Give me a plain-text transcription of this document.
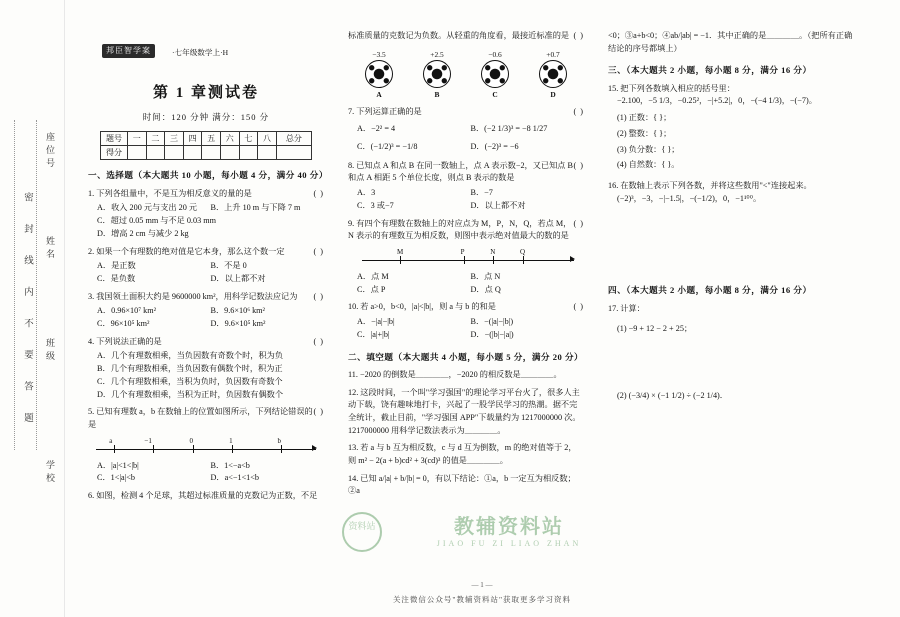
学校
班级
姓名
座位号
密 封 线 内 不 要 答 题
邦臣智学案	·七年级数学上·H
第 1 章测试卷
时间：120 分钟 满分：150 分
题号	一	二	三	四	五	六	七	八	总分
得分									
一、选择题（本大题共 10 小题，每小题 4 分，满分 40 分）
( )
1. 下列各组量中，不是互为相反意义的量的是
A．收入 200 元与支出 20 元	B．上升 10 m 与下降 7 m
C．超过 0.05 mm 与不足 0.03 mm
D．增高 2 cm 与减少 2 kg
( )
2. 如果一个有理数的绝对值是它本身，那么这个数一定
A．是正数	B．不是 0
C．是负数	D．以上都不对
( )
3. 我国领土面积大约是 9600000 km²，用科学记数法应记为
A．0.96×10⁷ km²	B．9.6×10⁶ km²
C．96×10⁵ km²	D．9.6×10⁵ km²
( )
4. 下列说法正确的是
A．几个有理数相乘，当负因数有奇数个时，积为负
B．几个有理数相乘，当负因数有偶数个时，积为正
C．几个有理数相乘，当积为负时，负因数有奇数个
D．几个有理数相乘，当积为正时，负因数有偶数个
( )
5. 已知有理数 a，b 在数轴上的位置如图所示，下列结论错误的是
a	−1	0	1	b
A．|a|<1<|b|	B．1<−a<b
C．1<|a|<b	D．a<−1<1<b
6. 如图，检测 4 个足球，其超过标准质量的克数记为正数，不足
( )
标准质量的克数记为负数。从轻重的角度看，最接近标准的是
−3.5
A
+2.5
B
−0.6
C
+0.7
D
( )
7. 下列运算正确的是
A．−2² = 4	B．(−2 1/3)³ = −8 1/27
C．(−1/2)³ = −1/8	D．(−2)³ = −6
( )
8. 已知点 A 和点 B 在同一数轴上，点 A 表示数−2，又已知点 B 和点 A 相距 5 个单位长度，则点 B 表示的数是
A．3	B．−7
C．3 或−7	D．以上都不对
( )
9. 有四个有理数在数轴上的对应点为 M，P，N，Q，若点 M，N 表示的有理数互为相反数，则图中表示绝对值最大的数的是
M	P	N	Q
A．点 M	B．点 N
C．点 P	D．点 Q
( )
10. 若 a>0，b<0，|a|<|b|，则 a 与 b 的和是
A．−|a|−|b|	B．−(|a|−|b|)
C．|a|+|b|	D．−(|b|−|a|)
二、填空题（本大题共 4 小题，每小题 5 分，满分 20 分）
11. −2020 的倒数是＿＿＿＿，−2020 的相反数是＿＿＿＿。
12. 这段时间，一个叫"学习强国"的理论学习平台火了，很多人主动下载，饶有趣味地打卡，兴起了一股学民学习的热潮。据不完全统计，截止目前，"学习强国 APP"下载量约为 1217000000 次。1217000000 用科学记数法表示为＿＿＿＿。
13. 若 a 与 b 互为相反数，c 与 d 互为倒数，m 的绝对值等于 2，则 m² − 2(a + b)cd² + 3(cd)³ 的值是＿＿＿＿。
14. 已知 a/|a| + b/|b| = 0，有以下结论：①a，b 一定互为相反数；②a
<0；③a+b<0；④ab/|ab| = −1．其中正确的是＿＿＿＿。（把所有正确结论的序号都填上）
三、（本大题共 2 小题，每小题 8 分，满分 16 分）
15. 把下列各数填入相应的括号里：
−2.100，−5 1/3，−0.25²，−|+5.2|，0，−(−4 1/3)，−(−7)。
(1) 正数：{ }；
(2) 整数：{ }；
(3) 负分数：{ }；
(4) 自然数：{ }。
16. 在数轴上表示下列各数，并将这些数用"<"连接起来。
(−2)³，−3，−|−1.5|，−(−1/2)，0，−1¹⁰⁰。
四、（本大题共 2 小题，每小题 8 分，满分 16 分）
17. 计算：
(1) −9 + 12 − 2 + 25；
(2) (−3/4) × (−1 1/2) ÷ (−2 1/4)．
资料站	教辅资料站
JIAO FU ZI LIAO ZHAN
— 1 —
关注微信公众号"教辅资料站"获取更多学习资料
